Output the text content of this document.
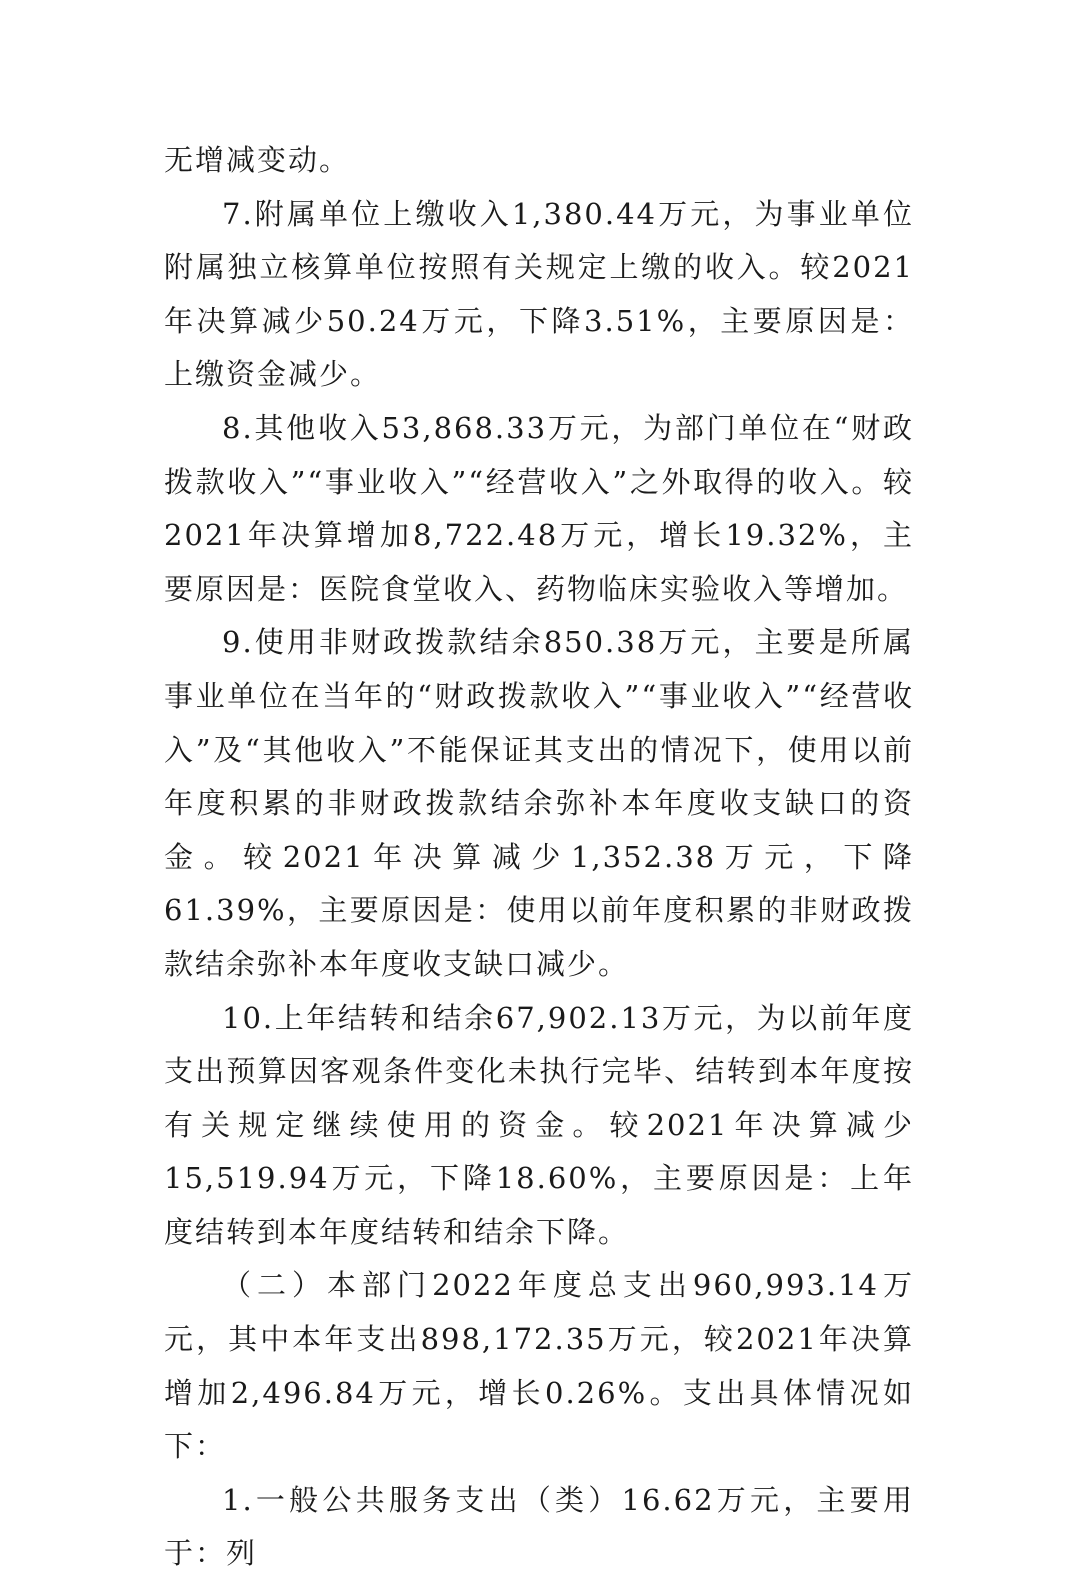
无增减变动。

7.附属单位上缴收入1,380.44万元，为事业单位附属独立核算单位按照有关规定上缴的收入。较2021年决算减少50.24万元，下降3.51%，主要原因是：上缴资金减少。

8.其他收入53,868.33万元，为部门单位在“财政拨款收入”“事业收入”“经营收入”之外取得的收入。较2021年决算增加8,722.48万元，增长19.32%，主要原因是：医院食堂收入、药物临床实验收入等增加。

9.使用非财政拨款结余850.38万元，主要是所属事业单位在当年的“财政拨款收入”“事业收入”“经营收入”及“其他收入”不能保证其支出的情况下，使用以前年度积累的非财政拨款结余弥补本年度收支缺口的资金。较2021年决算减少1,352.38万元，下降61.39%，主要原因是：使用以前年度积累的非财政拨款结余弥补本年度收支缺口减少。

10.上年结转和结余67,902.13万元，为以前年度支出预算因客观条件变化未执行完毕、结转到本年度按有关规定继续使用的资金。较2021年决算减少15,519.94万元，下降18.60%，主要原因是：上年度结转到本年度结转和结余下降。

（二）本部门2022年度总支出960,993.14万元，其中本年支出898,172.35万元，较2021年决算增加2,496.84万元，增长0.26%。支出具体情况如下：

1.一般公共服务支出（类）16.62万元，主要用于：列
